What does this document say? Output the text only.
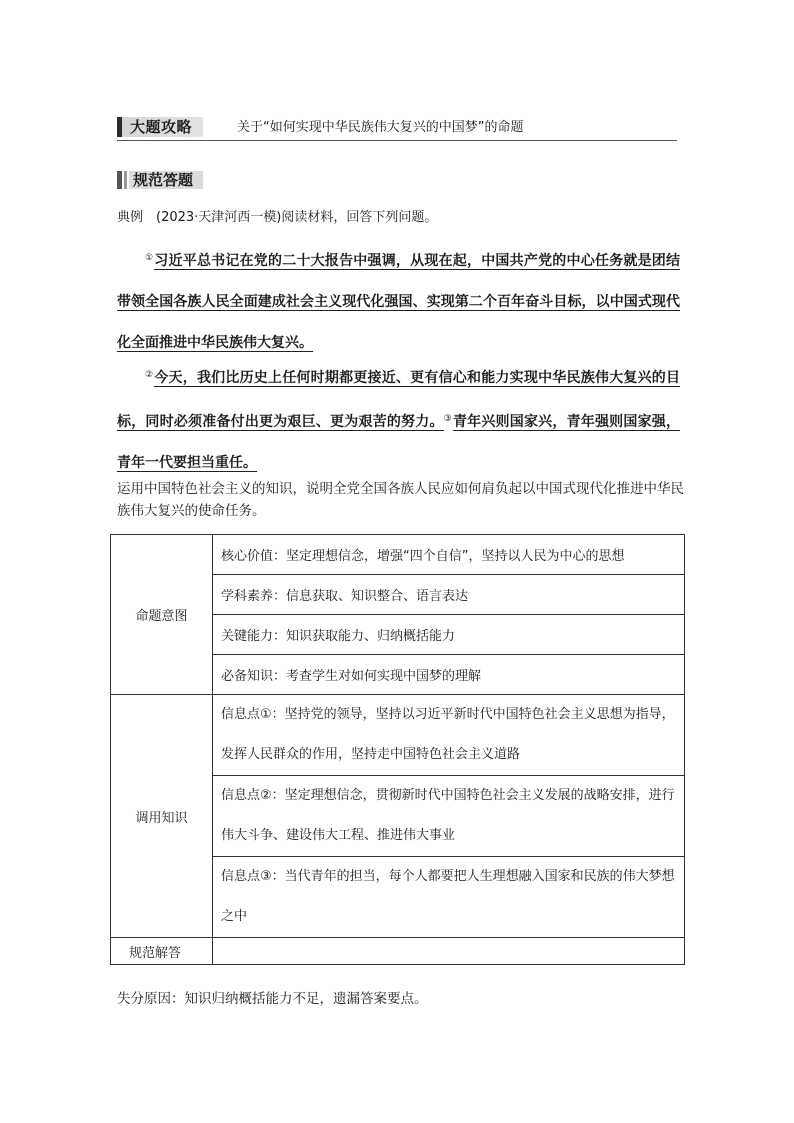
大题攻略	关于“如何实现中华民族伟大复兴的中国梦”的命题
规范答题
典例　(2023·天津河西一模)阅读材料，回答下列问题。
①习近平总书记在党的二十大报告中强调，从现在起，中国共产党的中心任务就是团结带领全国各族人民全面建成社会主义现代化强国、实现第二个百年奋斗目标，以中国式现代化全面推进中华民族伟大复兴。
②今天，我们比历史上任何时期都更接近、更有信心和能力实现中华民族伟大复兴的目标，同时必须准备付出更为艰巨、更为艰苦的努力。③青年兴则国家兴，青年强则国家强，青年一代要担当重任。
运用中国特色社会主义的知识，说明全党全国各族人民应如何肩负起以中国式现代化推进中华民族伟大复兴的使命任务。
命题意图	核心价值：坚定理想信念，增强“四个自信”，坚持以人民为中心的思想
	学科素养：信息获取、知识整合、语言表达
	关键能力：知识获取能力、归纳概括能力
	必备知识：考查学生对如何实现中国梦的理解
调用知识	信息点①：坚持党的领导，坚持以习近平新时代中国特色社会主义思想为指导，发挥人民群众的作用，坚持走中国特色社会主义道路
	信息点②：坚定理想信念，贯彻新时代中国特色社会主义发展的战略安排，进行伟大斗争、建设伟大工程、推进伟大事业
	信息点③：当代青年的担当，每个人都要把人生理想融入国家和民族的伟大梦想之中
规范解答	
失分原因：知识归纳概括能力不足，遗漏答案要点。
